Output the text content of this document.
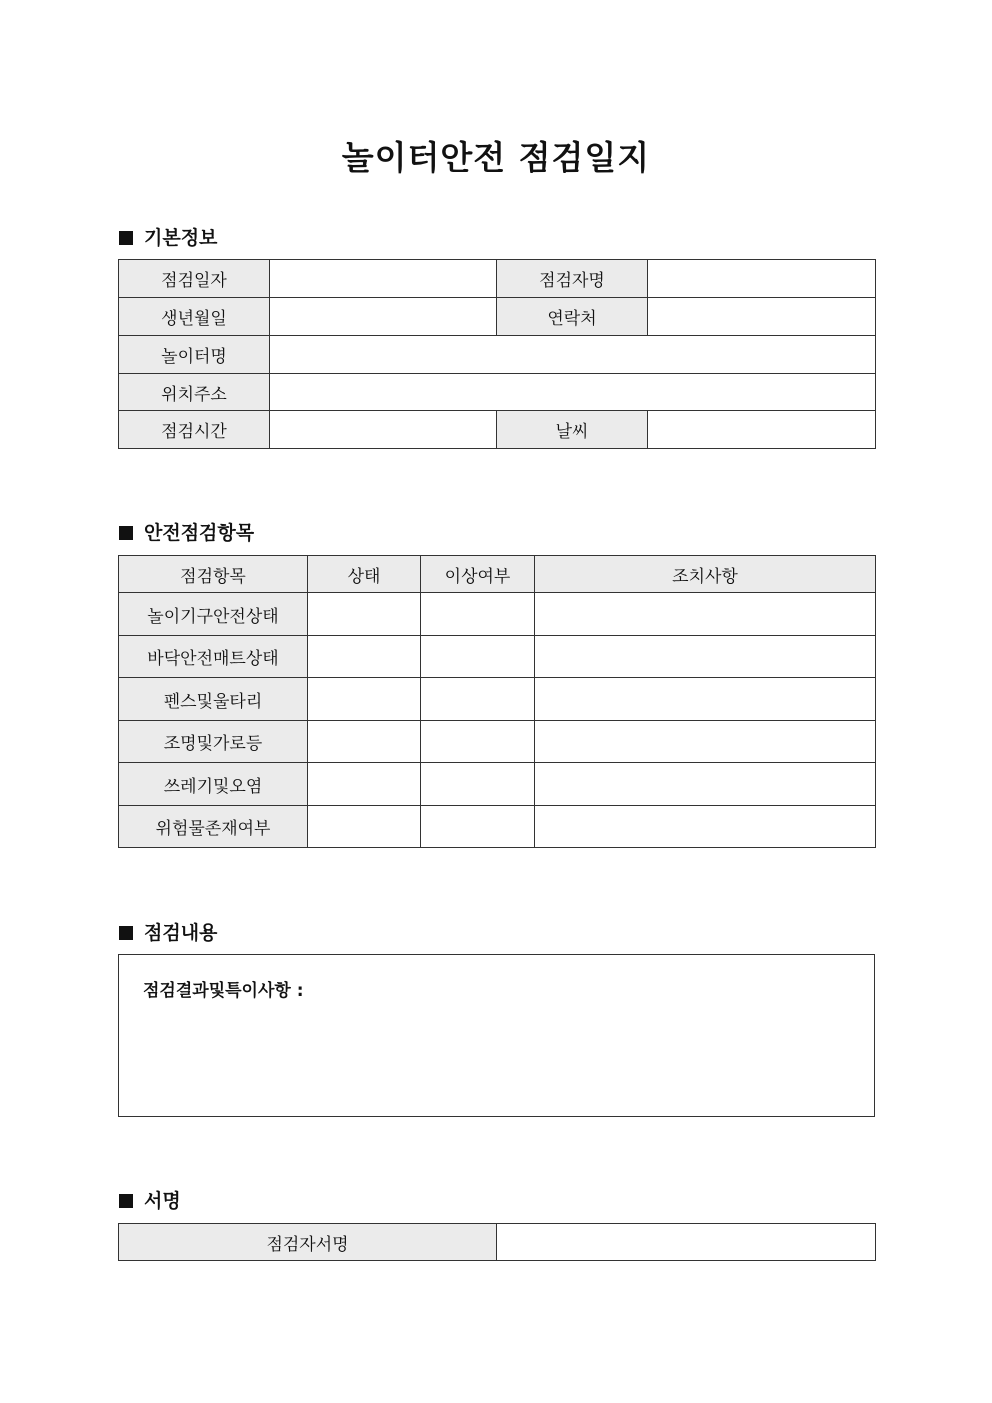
놀이터안전 점검일지
기본정보
점검일자		점검자명	
생년월일		연락처	
놀이터명			
위치주소			
점검시간		날씨	
안전점검항목
점검항목	상태	이상여부	조치사항
놀이기구안전상태			
바닥안전매트상태			
펜스및울타리			
조명및가로등			
쓰레기및오염			
위험물존재여부			
점검내용
점검결과및특이사항 :
서명
점검자서명	
